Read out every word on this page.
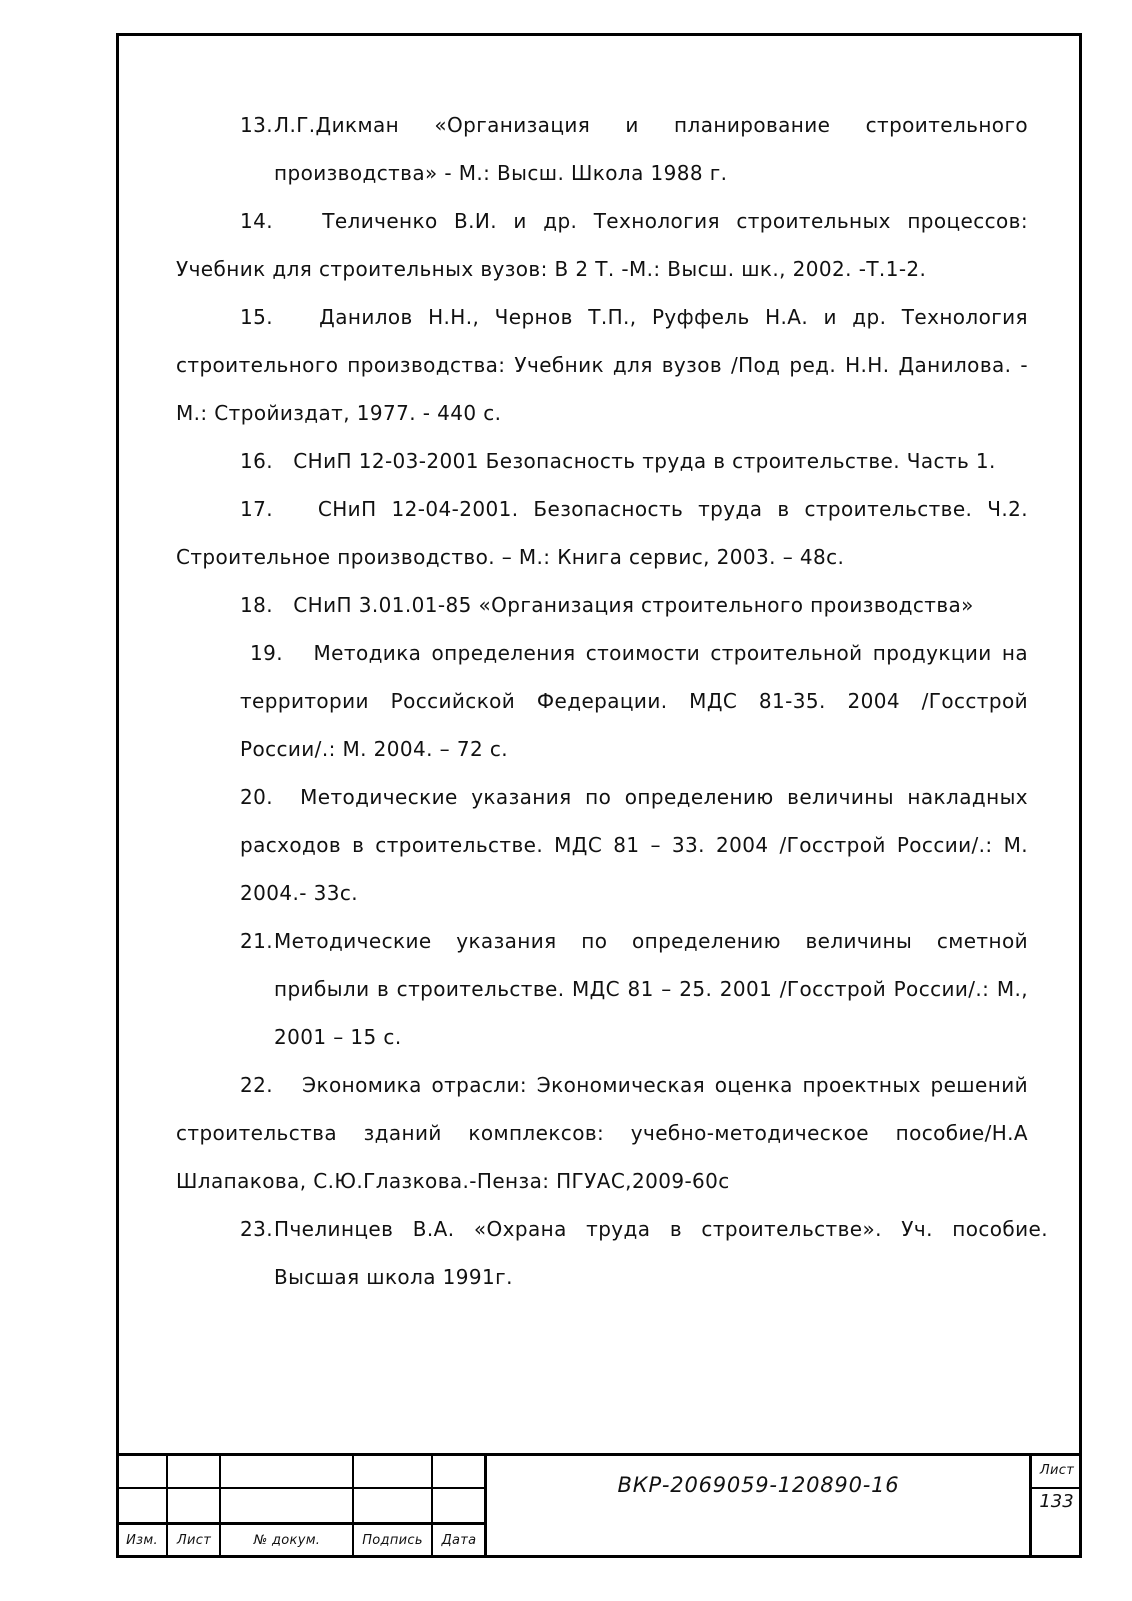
13. Л.Г.Дикман «Организация и планирование строительного производства» - М.: Высш. Школа 1988 г.

14. Теличенко В.И. и др. Технология строительных процессов: Учебник для строительных вузов: В 2 Т. -М.: Высш. шк., 2002. -Т.1-2.

15. Данилов Н.Н., Чернов Т.П., Руффель Н.А. и др. Технология строительного производства: Учебник для вузов /Под ред. Н.Н. Данилова. - М.: Стройиздат, 1977. - 440 с.

16. СНиП 12-03-2001 Безопасность труда в строительстве. Часть 1.

17. СНиП 12-04-2001. Безопасность труда в строительстве. Ч.2. Строительное производство. – М.: Книга сервис, 2003. – 48с.

18. СНиП 3.01.01-85 «Организация строительного производства»

19. Методика определения стоимости строительной продукции на территории Российской Федерации. МДС 81-35. 2004 /Госстрой России/.: М. 2004. – 72 с.

20. Методические указания по определению величины накладных расходов в строительстве. МДС 81 – 33. 2004 /Госстрой России/.: М. 2004.- 33с.

21. Методические указания по определению величины сметной прибыли в строительстве. МДС 81 – 25. 2001 /Госстрой России/.: М., 2001 – 15 с.

22. Экономика отрасли: Экономическая оценка проектных решений строительства зданий комплексов: учебно-методическое пособие/Н.А Шлапакова, С.Ю.Глазкова.-Пенза: ПГУАС,2009-60с

23. Пчелинцев В.А. «Охрана труда в строительстве». Уч. пособие. Высшая школа 1991г.
Изм.	Лист	№ докум.	Подпись	Дата
ВКР-2069059-120890-16
Лист
133
